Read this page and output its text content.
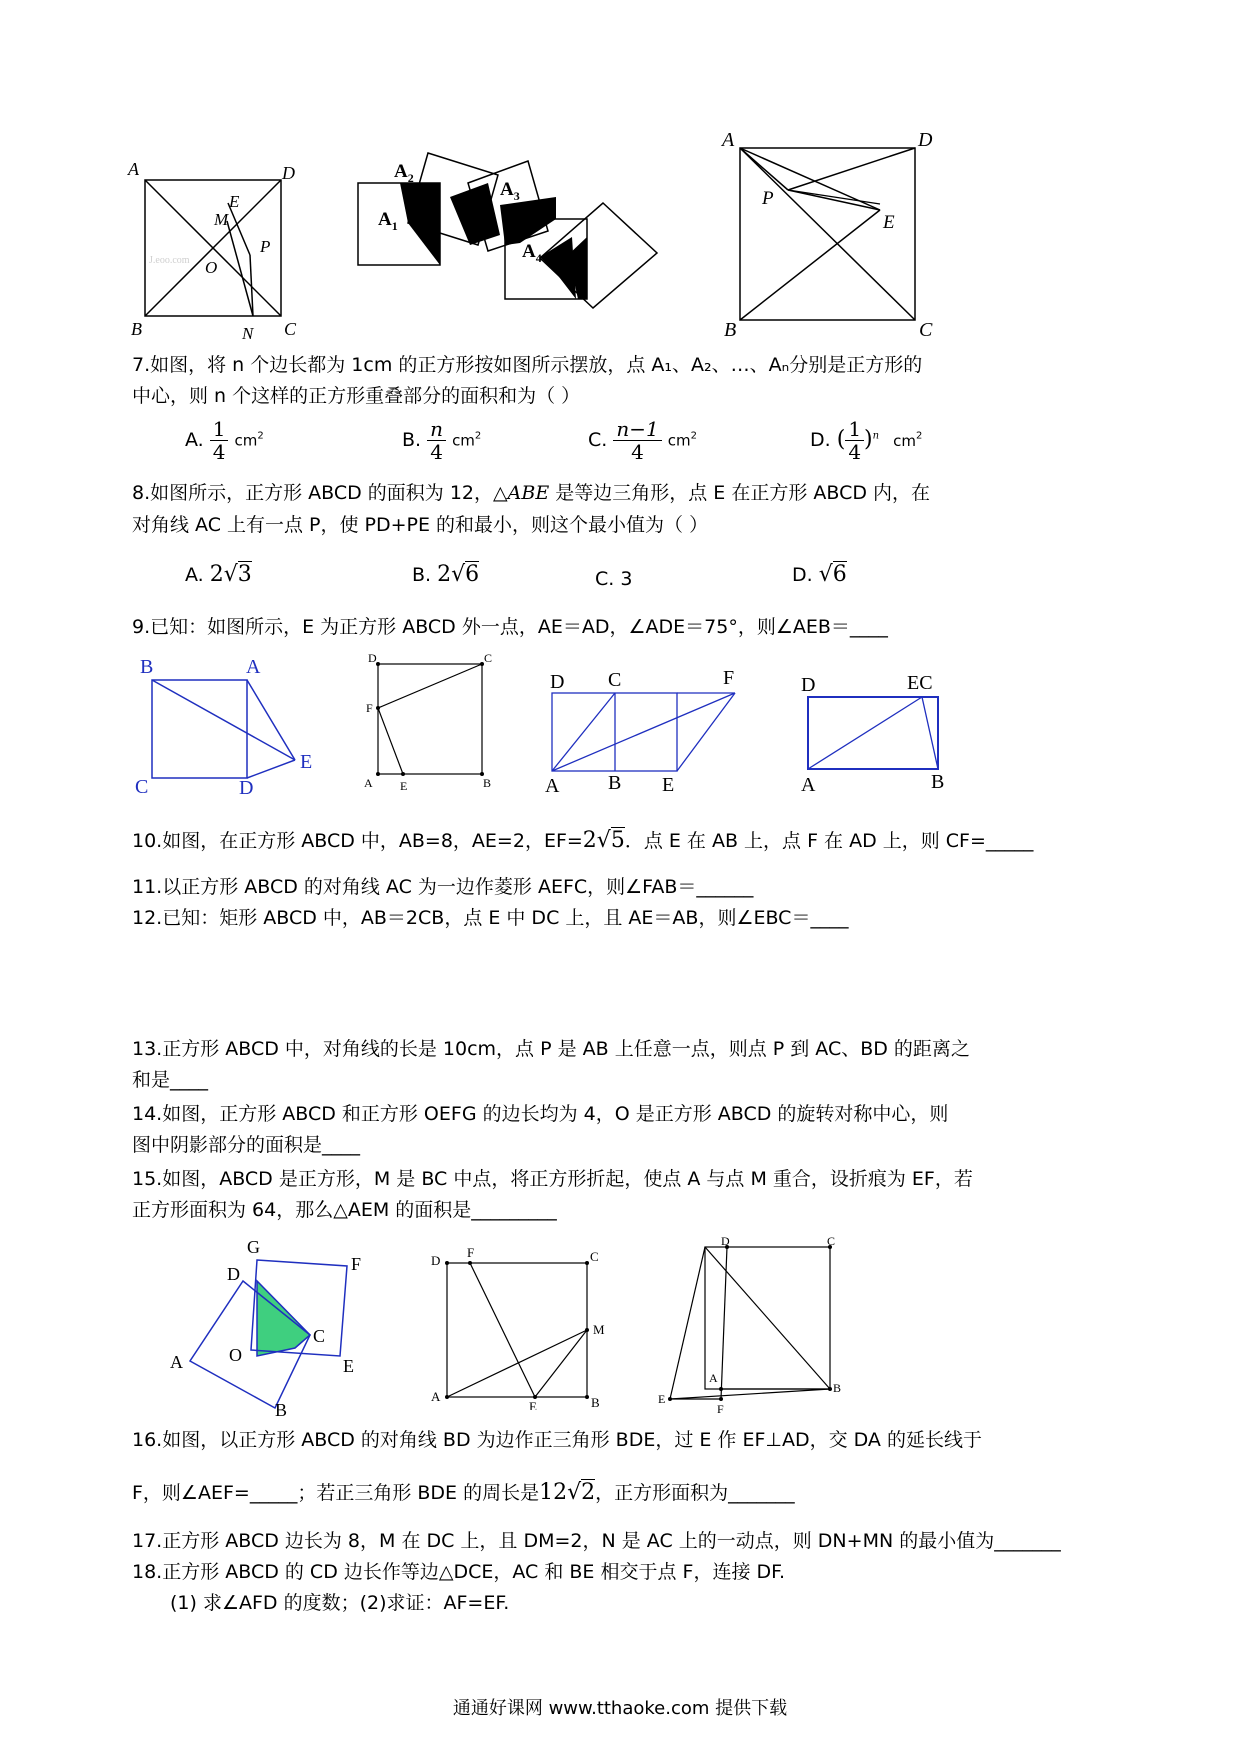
A	D
E
M
P
O
B	N C
J.eoo.com
$A_1$
$A_2$
$A_3$
$A_4$
A	D
P
E
B	C
7.如图，将 n 个边长都为 1cm 的正方形按如图所示摆放，点 A₁、A₂、…、Aₙ分别是正方形的
中心，则 n 个这样的正方形重叠部分的面积和为（ ）
A. $\frac{1}{4} cm^2$	B. $\frac{n}{4} cm^2$	C. $\frac{n-1}{4} cm^2$	D. ( $\frac{1}{4} )^n$ $cm^2$
8.如图所示，正方形 ABCD 的面积为 12，△ABE 是等边三角形，点 E 在正方形 ABCD 内，在
对角线 AC 上有一点 P，使 PD+PE 的和最小，则这个最小值为（ ）
A. 2√3	B. 2√6	C. 3	D. √6
9.已知：如图所示，E 为正方形 ABCD 外一点，AE＝AD，∠ADE＝75°，则∠AEB＝____
B	A
C	D
E
D	C
F
A E	B
D C	F
A B E
D	EC
A	B
10.如图，在正方形 ABCD 中，AB=8，AE=2，EF=2√5．点 E 在 AB 上，点 F 在 AD 上，则 CF=_____
11.以正方形 ABCD 的对角线 AC 为一边作菱形 AEFC，则∠FAB＝______
12.已知：矩形 ABCD 中，AB＝2CB，点 E 中 DC 上，且 AE＝AB，则∠EBC＝____
13.正方形 ABCD 中，对角线的长是 10cm，点 P 是 AB 上任意一点，则点 P 到 AC、BD 的距离之
和是____
14.如图，正方形 ABCD 和正方形 OEFG 的边长均为 4，O 是正方形 ABCD 的旋转对称中心，则
图中阴影部分的面积是____
15.如图，ABCD 是正方形，M 是 BC 中点，将正方形折起，使点 A 与点 M 重合，设折痕为 EF，若
正方形面积为 64，那么△AEM 的面积是_________
G
F
D
C
A	O
E
B
D
F	C
M
A
E	B
D	C
A
B
E
F
16.如图，以正方形 ABCD 的对角线 BD 为边作正三角形 BDE，过 E 作 EF⊥AD，交 DA 的延长线于
F，则∠AEF=_____；若正三角形 BDE 的周长是12√2，正方形面积为_______
17.正方形 ABCD 边长为 8，M 在 DC 上，且 DM=2，N 是 AC 上的一动点，则 DN+MN 的最小值为_______
18.正方形 ABCD 的 CD 边长作等边△DCE，AC 和 BE 相交于点 F，连接 DF.
(1) 求∠AFD 的度数；(2)求证：AF=EF.
通通好课网 www.tthaoke.com 提供下载
